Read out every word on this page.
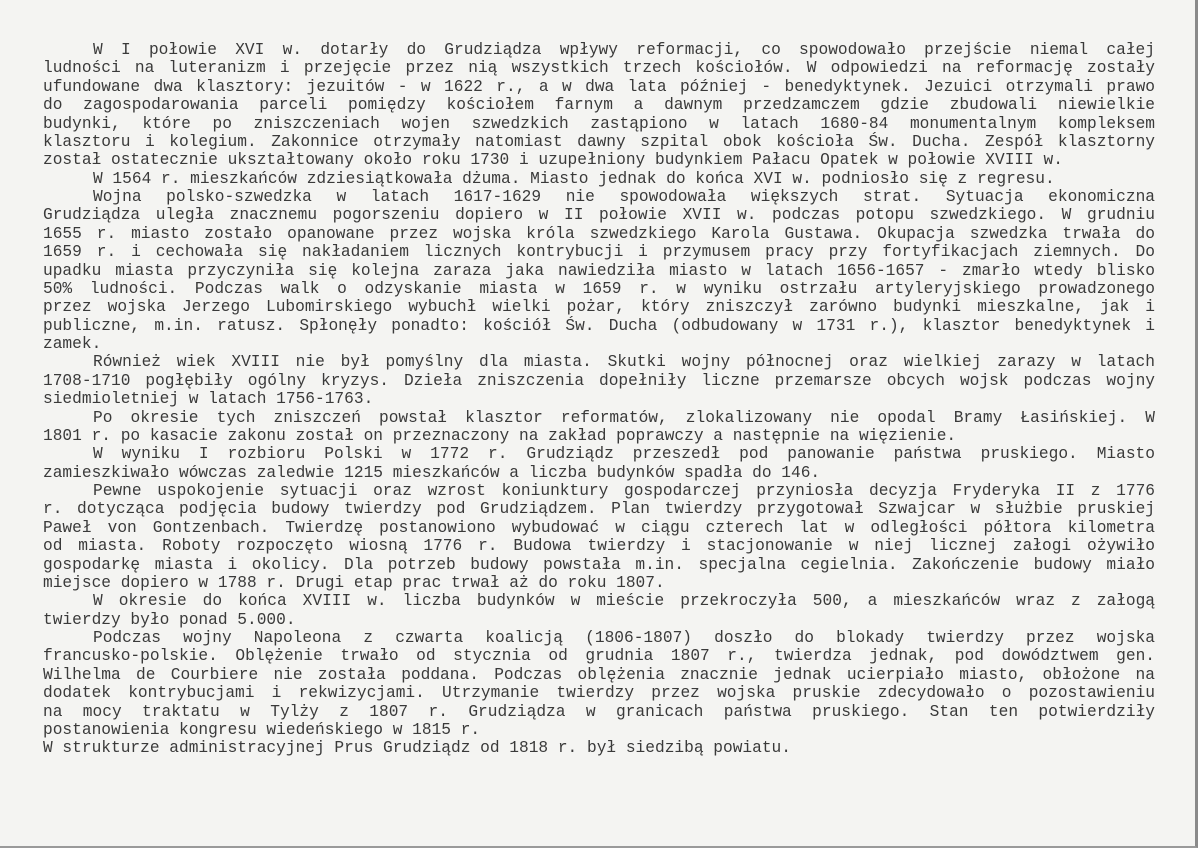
W I połowie XVI w. dotarły do Grudziądza wpływy reformacji, co spowodowało przejście niemal całej
ludności na luteranizm i przejęcie przez nią wszystkich trzech kościołów. W odpowiedzi na reformację zostały
ufundowane dwa klasztory: jezuitów - w 1622 r., a w dwa lata później - benedyktynek. Jezuici otrzymali prawo
do zagospodarowania parceli pomiędzy kościołem farnym a dawnym przedzamczem gdzie zbudowali niewielkie
budynki, które po zniszczeniach wojen szwedzkich zastąpiono w latach 1680-84 monumentalnym kompleksem
klasztoru i kolegium. Zakonnice otrzymały natomiast dawny szpital obok kościoła Św. Ducha. Zespół klasztorny
został ostatecznie ukształtowany około roku 1730 i uzupełniony budynkiem Pałacu Opatek w połowie XVIII w.
W 1564 r. mieszkańców zdziesiątkowała dżuma. Miasto jednak do końca XVI w. podniosło się z regresu.
Wojna polsko-szwedzka w latach 1617-1629 nie spowodowała większych strat. Sytuacja ekonomiczna
Grudziądza uległa znacznemu pogorszeniu dopiero w II połowie XVII w. podczas potopu szwedzkiego. W grudniu
1655 r. miasto zostało opanowane przez wojska króla szwedzkiego Karola Gustawa. Okupacja szwedzka trwała do
1659 r. i cechowała się nakładaniem licznych kontrybucji i przymusem pracy przy fortyfikacjach ziemnych. Do
upadku miasta przyczyniła się kolejna zaraza jaka nawiedziła miasto w latach 1656-1657 - zmarło wtedy blisko
50% ludności. Podczas walk o odzyskanie miasta w 1659 r. w wyniku ostrzału artyleryjskiego prowadzonego
przez wojska Jerzego Lubomirskiego wybuchł wielki pożar, który zniszczył zarówno budynki mieszkalne, jak i
publiczne, m.in. ratusz. Spłonęły ponadto: kościół Św. Ducha (odbudowany w 1731 r.), klasztor benedyktynek i
zamek.
Również wiek XVIII nie był pomyślny dla miasta. Skutki wojny północnej oraz wielkiej zarazy w latach
1708-1710 pogłębiły ogólny kryzys. Dzieła zniszczenia dopełniły liczne przemarsze obcych wojsk podczas wojny
siedmioletniej w latach 1756-1763.
Po okresie tych zniszczeń powstał klasztor reformatów, zlokalizowany nie opodal Bramy Łasińskiej. W
1801 r. po kasacie zakonu został on przeznaczony na zakład poprawczy a następnie na więzienie.
W wyniku I rozbioru Polski w 1772 r. Grudziądz przeszedł pod panowanie państwa pruskiego. Miasto
zamieszkiwało wówczas zaledwie 1215 mieszkańców a liczba budynków spadła do 146.
Pewne uspokojenie sytuacji oraz wzrost koniunktury gospodarczej przyniosła decyzja Fryderyka II z 1776
r. dotycząca podjęcia budowy twierdzy pod Grudziądzem. Plan twierdzy przygotował Szwajcar w służbie pruskiej
Paweł von Gontzenbach. Twierdzę postanowiono wybudować w ciągu czterech lat w odległości półtora kilometra
od miasta. Roboty rozpoczęto wiosną 1776 r. Budowa twierdzy i stacjonowanie w niej licznej załogi ożywiło
gospodarkę miasta i okolicy. Dla potrzeb budowy powstała m.in. specjalna cegielnia. Zakończenie budowy miało
miejsce dopiero w 1788 r. Drugi etap prac trwał aż do roku 1807.
W okresie do końca XVIII w. liczba budynków w mieście przekroczyła 500, a mieszkańców wraz z załogą
twierdzy było ponad 5.000.
Podczas wojny Napoleona z czwarta koalicją (1806-1807) doszło do blokady twierdzy przez wojska
francusko-polskie. Oblężenie trwało od stycznia od grudnia 1807 r., twierdza jednak, pod dowództwem gen.
Wilhelma de Courbiere nie została poddana. Podczas oblężenia znacznie jednak ucierpiało miasto, obłożone na
dodatek kontrybucjami i rekwizycjami. Utrzymanie twierdzy przez wojska pruskie zdecydowało o pozostawieniu
na mocy traktatu w Tylży z 1807 r. Grudziądza w granicach państwa pruskiego. Stan ten potwierdziły
postanowienia kongresu wiedeńskiego w 1815 r.
W strukturze administracyjnej Prus Grudziądz od 1818 r. był siedzibą powiatu.
